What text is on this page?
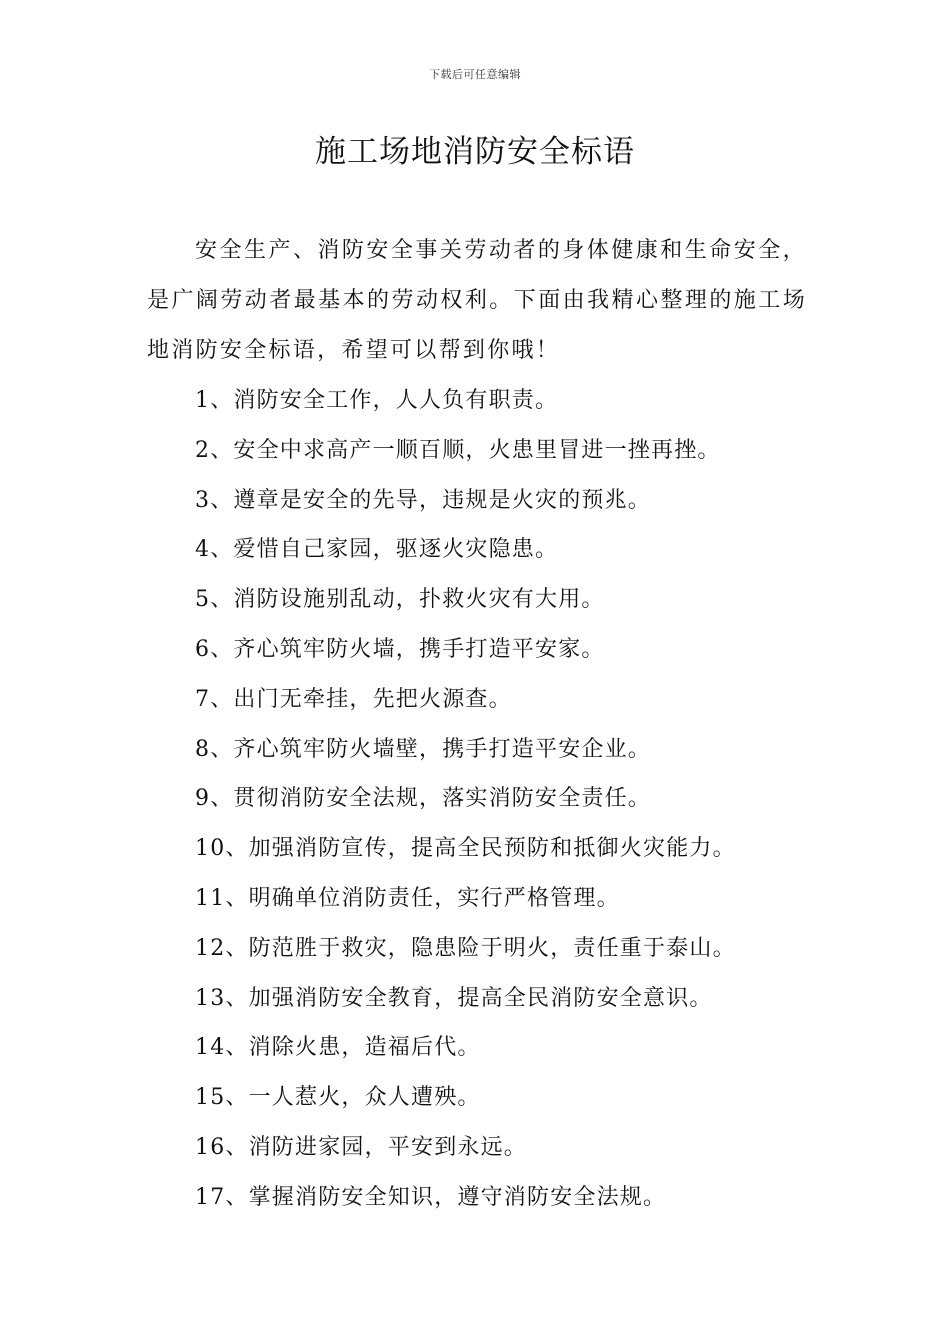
下载后可任意编辑
施工场地消防安全标语

安全生产、消防安全事关劳动者的身体健康和生命安全，是广阔劳动者最基本的劳动权利。下面由我精心整理的施工场地消防安全标语，希望可以帮到你哦！

1、消防安全工作，人人负有职责。
2、安全中求高产一顺百顺，火患里冒进一挫再挫。
3、遵章是安全的先导，违规是火灾的预兆。
4、爱惜自己家园，驱逐火灾隐患。
5、消防设施别乱动，扑救火灾有大用。
6、齐心筑牢防火墙，携手打造平安家。
7、出门无牵挂，先把火源查。
8、齐心筑牢防火墙壁，携手打造平安企业。
9、贯彻消防安全法规，落实消防安全责任。
10、加强消防宣传，提高全民预防和抵御火灾能力。
11、明确单位消防责任，实行严格管理。
12、防范胜于救灾，隐患险于明火，责任重于泰山。
13、加强消防安全教育，提高全民消防安全意识。
14、消除火患，造福后代。
15、一人惹火，众人遭殃。
16、消防进家园，平安到永远。
17、掌握消防安全知识，遵守消防安全法规。
